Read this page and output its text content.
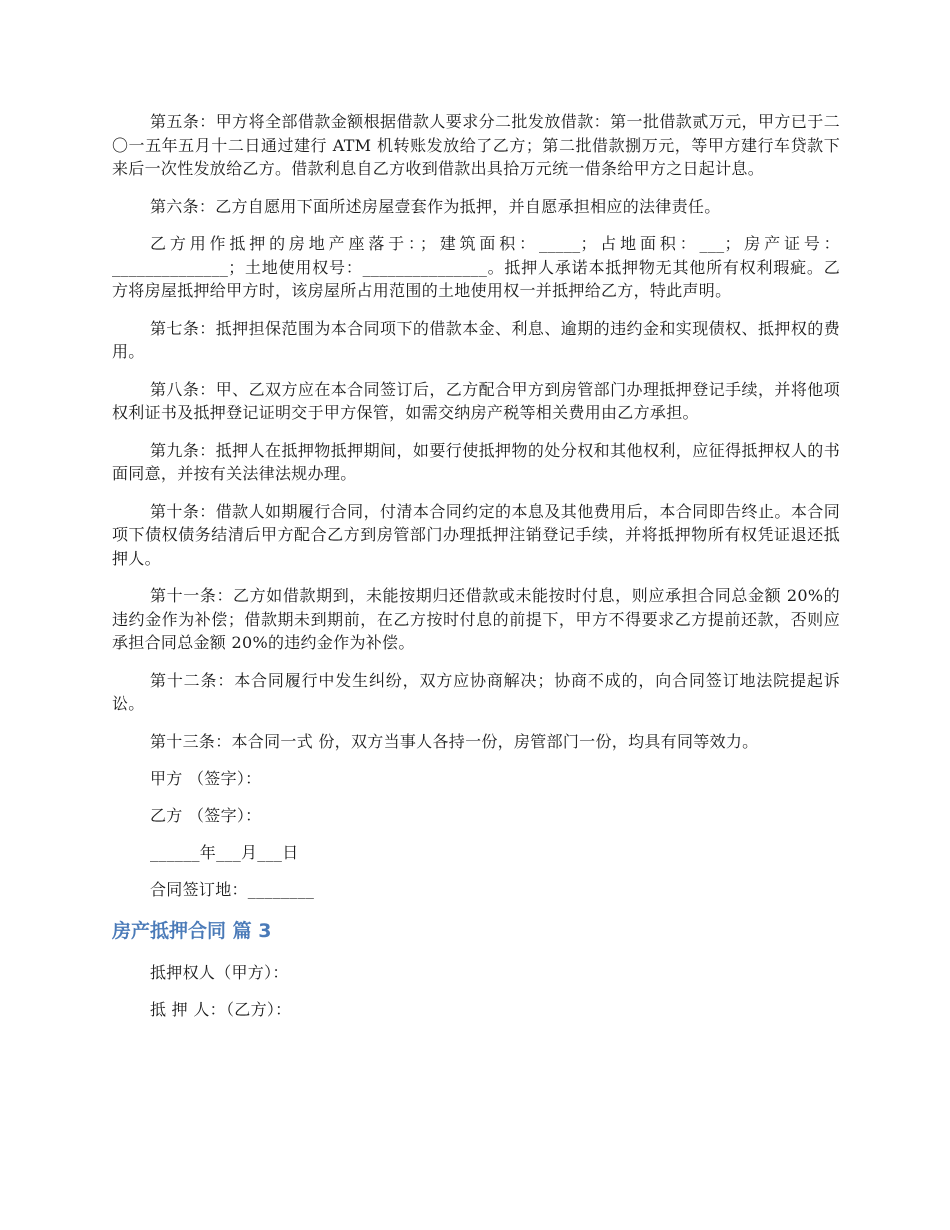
第五条：甲方将全部借款金额根据借款人要求分二批发放借款：第一批借款贰万元，甲方已于二〇一五年五月十二日通过建行 ATM 机转账发放给了乙方；第二批借款捌万元，等甲方建行车贷款下来后一次性发放给乙方。借款利息自乙方收到借款出具拾万元统一借条给甲方之日起计息。

第六条：乙方自愿用下面所述房屋壹套作为抵押，并自愿承担相应的法律责任。

乙方用作抵押的房地产座落于：；建筑面积：_____；占地面积：___；房产证号：______________；土地使用权号：_______________。抵押人承诺本抵押物无其他所有权利瑕疵。乙方将房屋抵押给甲方时，该房屋所占用范围的土地使用权一并抵押给乙方，特此声明。

第七条：抵押担保范围为本合同项下的借款本金、利息、逾期的违约金和实现债权、抵押权的费用。

第八条：甲、乙双方应在本合同签订后，乙方配合甲方到房管部门办理抵押登记手续，并将他项权利证书及抵押登记证明交于甲方保管，如需交纳房产税等相关费用由乙方承担。

第九条：抵押人在抵押物抵押期间，如要行使抵押物的处分权和其他权利，应征得抵押权人的书面同意，并按有关法律法规办理。

第十条：借款人如期履行合同，付清本合同约定的本息及其他费用后，本合同即告终止。本合同项下债权债务结清后甲方配合乙方到房管部门办理抵押注销登记手续，并将抵押物所有权凭证退还抵押人。

第十一条：乙方如借款期到，未能按期归还借款或未能按时付息，则应承担合同总金额 20%的违约金作为补偿；借款期未到期前，在乙方按时付息的前提下，甲方不得要求乙方提前还款，否则应承担合同总金额 20%的违约金作为补偿。

第十二条：本合同履行中发生纠纷，双方应协商解决；协商不成的，向合同签订地法院提起诉讼。

第十三条：本合同一式 份，双方当事人各持一份，房管部门一份，均具有同等效力。

甲方 （签字）：
乙方 （签字）：
______年___月___日
合同签订地：________
房产抵押合同 篇 3
抵押权人（甲方）：
抵 押 人：（乙方）：
